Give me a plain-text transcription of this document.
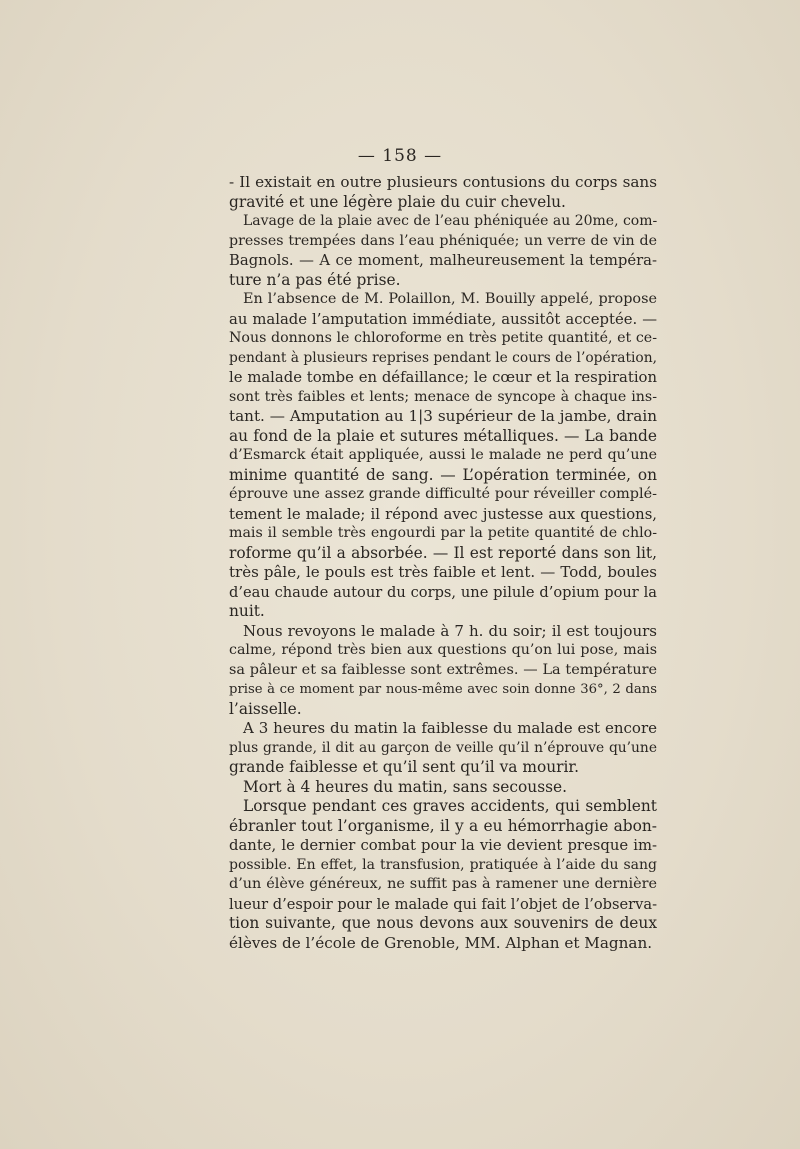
— 158 —
- Il existait en outre plusieurs contusions du corps sans
gravité et une légère plaie du cuir chevelu.
Lavage de la plaie avec de l’eau phéniquée au 20me, com-
presses trempées dans l’eau phéniquée; un verre de vin de
Bagnols. — A ce moment, malheureusement la tempéra-
ture n’a pas été prise.
En l’absence de M. Polaillon, M. Bouilly appelé, propose
au malade l’amputation immédiate, aussitôt acceptée. —
Nous donnons le chloroforme en très petite quantité, et ce-
pendant à plusieurs reprises pendant le cours de l’opération,
le malade tombe en défaillance; le cœur et la respiration
sont très faibles et lents; menace de syncope à chaque ins-
tant. — Amputation au 1|3 supérieur de la jambe, drain
au fond de la plaie et sutures métalliques. — La bande
d’Esmarck était appliquée, aussi le malade ne perd qu’une
minime quantité de sang. — L’opération terminée, on
éprouve une assez grande difficulté pour réveiller complé-
tement le malade; il répond avec justesse aux questions,
mais il semble très engourdi par la petite quantité de chlo-
roforme qu’il a absorbée. — Il est reporté dans son lit,
très pâle, le pouls est très faible et lent. — Todd, boules
d’eau chaude autour du corps, une pilule d’opium pour la
nuit.
Nous revoyons le malade à 7 h. du soir; il est toujours
calme, répond très bien aux questions qu’on lui pose, mais
sa pâleur et sa faiblesse sont extrêmes. — La température
prise à ce moment par nous-même avec soin donne 36°, 2 dans
l’aisselle.
A 3 heures du matin la faiblesse du malade est encore
plus grande, il dit au garçon de veille qu’il n’éprouve qu’une
grande faiblesse et qu’il sent qu’il va mourir.
Mort à 4 heures du matin, sans secousse.
Lorsque pendant ces graves accidents, qui semblent
ébranler tout l’organisme, il y a eu hémorrhagie abon-
dante, le dernier combat pour la vie devient presque im-
possible. En effet, la transfusion, pratiquée à l’aide du sang
d’un élève généreux, ne suffit pas à ramener une dernière
lueur d’espoir pour le malade qui fait l’objet de l’observa-
tion suivante, que nous devons aux souvenirs de deux
élèves de l’école de Grenoble, MM. Alphan et Magnan.
